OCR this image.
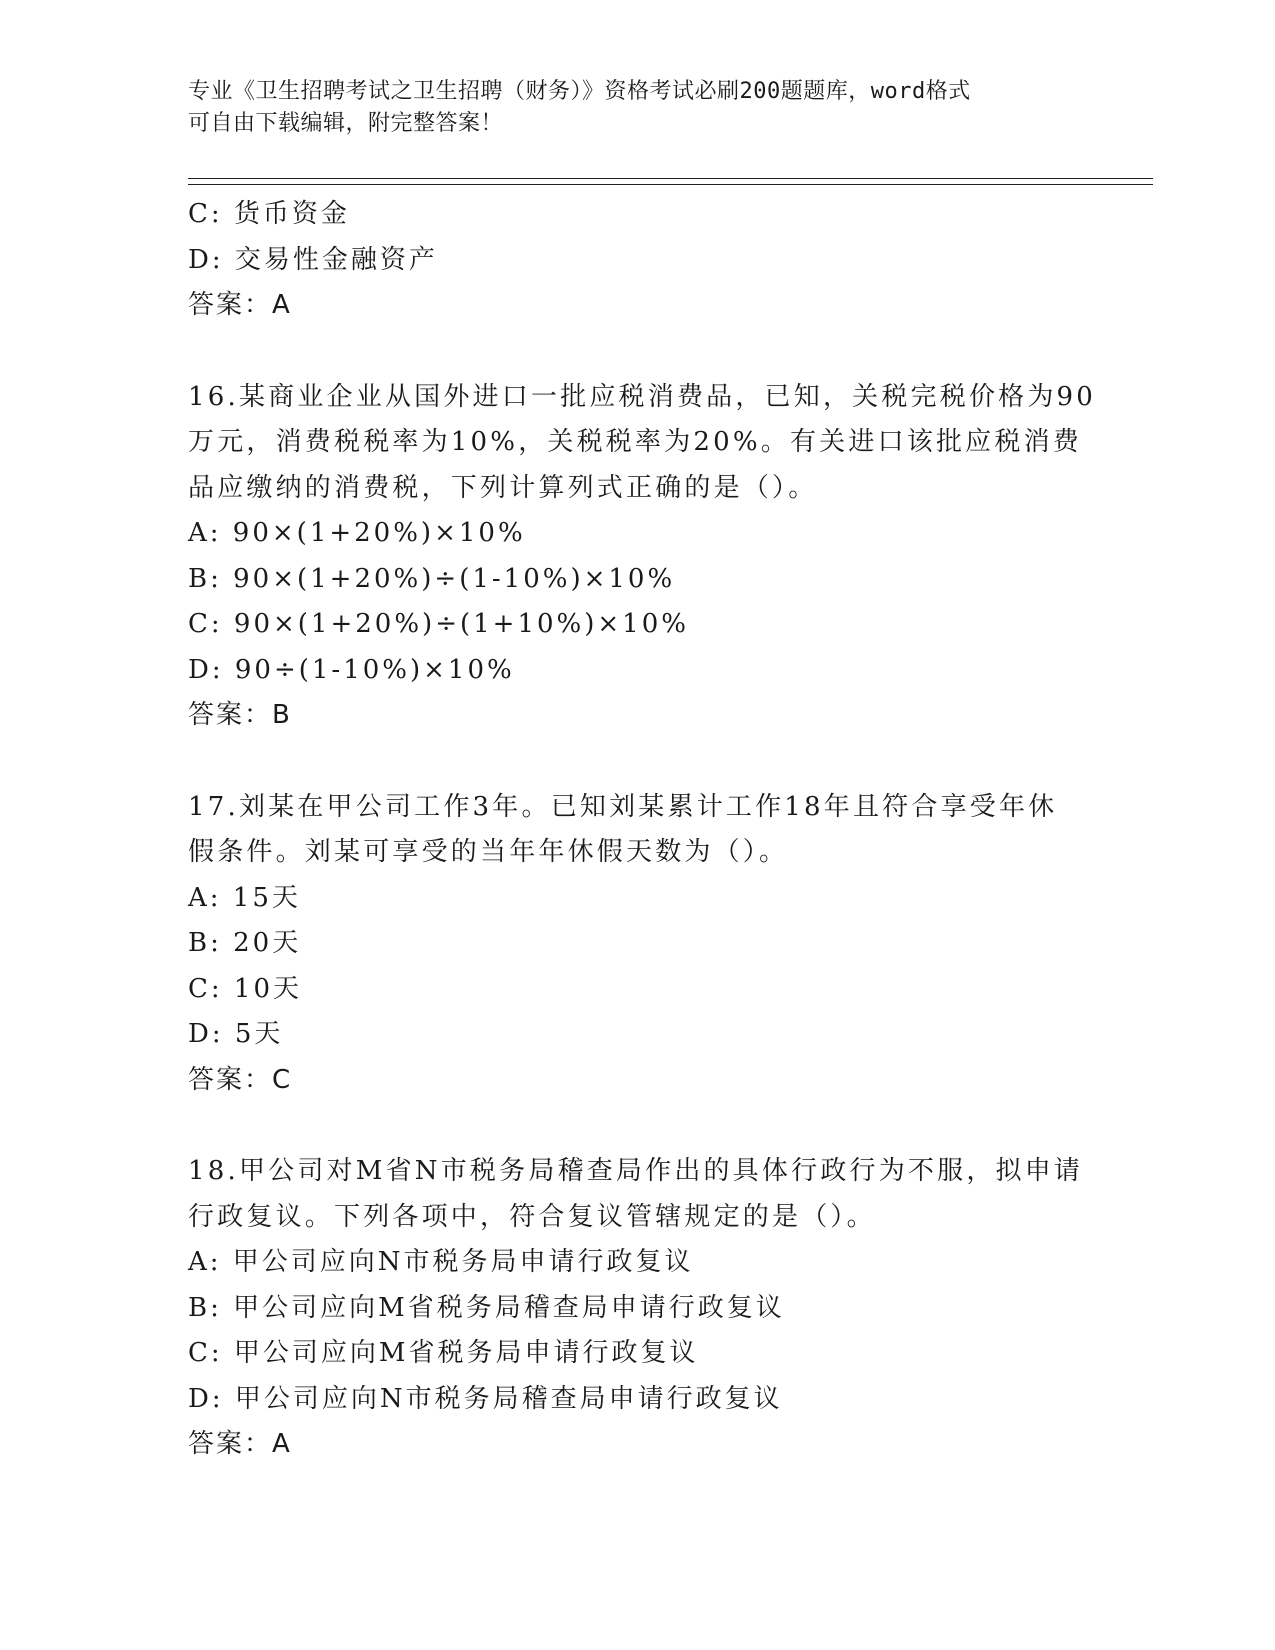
专业《卫生招聘考试之卫生招聘（财务）》资格考试必刷200题题库，word格式
可自由下载编辑，附完整答案！
C: 货币资金
D: 交易性金融资产
答案：A
16.某商业企业从国外进口一批应税消费品，已知，关税完税价格为90
万元，消费税税率为10%，关税税率为20%。有关进口该批应税消费
品应缴纳的消费税，下列计算列式正确的是（）。
A: 90×(1+20%)×10%
B: 90×(1+20%)÷(1-10%)×10%
C: 90×(1+20%)÷(1+10%)×10%
D: 90÷(1-10%)×10%
答案：B
17.刘某在甲公司工作3年。已知刘某累计工作18年且符合享受年休
假条件。刘某可享受的当年年休假天数为（）。
A: 15天
B: 20天
C: 10天
D: 5天
答案：C
18.甲公司对M省N市税务局稽查局作出的具体行政行为不服，拟申请
行政复议。下列各项中，符合复议管辖规定的是（）。
A: 甲公司应向N市税务局申请行政复议
B: 甲公司应向M省税务局稽查局申请行政复议
C: 甲公司应向M省税务局申请行政复议
D: 甲公司应向N市税务局稽查局申请行政复议
答案：A
